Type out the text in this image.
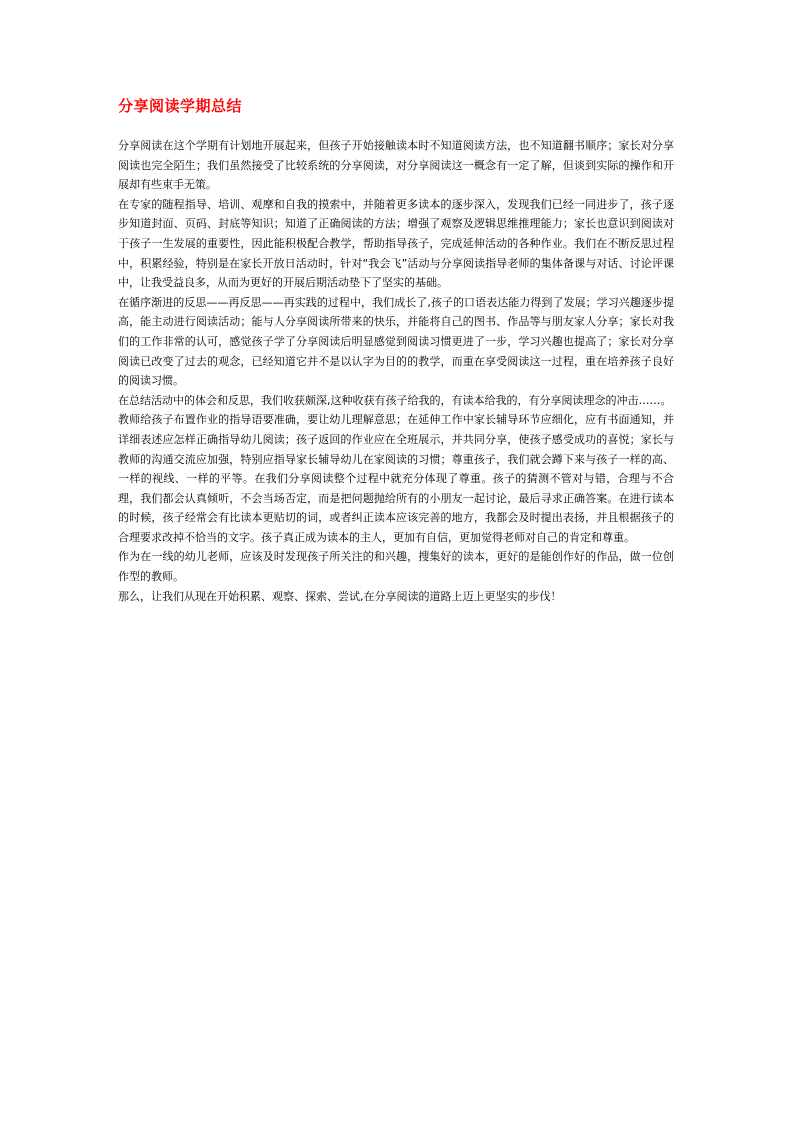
分享阅读学期总结

分享阅读在这个学期有计划地开展起来，但孩子开始接触读本时不知道阅读方法，也不知道翻书顺序；家长对分享阅读也完全陌生；我们虽然接受了比较系统的分享阅读，对分享阅读这一概念有一定了解，但谈到实际的操作和开展却有些束手无策。

在专家的随程指导、培训、观摩和自我的摸索中，并随着更多读本的逐步深入，发现我们已经一同进步了，孩子逐步知道封面、页码、封底等知识；知道了正确阅读的方法；增强了观察及逻辑思维推理能力；家长也意识到阅读对于孩子一生发展的重要性，因此能积极配合教学，帮助指导孩子，完成延伸活动的各种作业。我们在不断反思过程中，积累经验，特别是在家长开放日活动时，针对“我会飞”活动与分享阅读指导老师的集体备课与对话、讨论评课中，让我受益良多，从而为更好的开展后期活动垫下了坚实的基础。

在循序渐进的反思——再反思——再实践的过程中，我们成长了,孩子的口语表达能力得到了发展；学习兴趣逐步提高，能主动进行阅读活动；能与人分享阅读所带来的快乐，并能将自己的图书、作品等与朋友家人分享；家长对我们的工作非常的认可，感觉孩子学了分享阅读后明显感觉到阅读习惯更进了一步，学习兴趣也提高了；家长对分享阅读已改变了过去的观念，已经知道它并不是以认字为目的的教学，而重在享受阅读这一过程，重在培养孩子良好的阅读习惯。

在总结活动中的体会和反思，我们收获颇深,这种收获有孩子给我的，有读本给我的，有分享阅读理念的冲击……。

教师给孩子布置作业的指导语要准确，要让幼儿理解意思；在延伸工作中家长辅导环节应细化，应有书面通知，并详细表述应怎样正确指导幼儿阅读；孩子返回的作业应在全班展示，并共同分享，使孩子感受成功的喜悦；家长与教师的沟通交流应加强，特别应指导家长辅导幼儿在家阅读的习惯；尊重孩子，我们就会蹲下来与孩子一样的高、一样的视线、一样的平等。在我们分享阅读整个过程中就充分体现了尊重。孩子的猜测不管对与错，合理与不合理，我们都会认真倾听，不会当场否定，而是把问题抛给所有的小朋友一起讨论，最后寻求正确答案。在进行读本的时候，孩子经常会有比读本更贴切的词，或者纠正读本应该完善的地方，我都会及时提出表扬，并且根据孩子的合理要求改掉不恰当的文字。孩子真正成为读本的主人，更加有自信，更加觉得老师对自己的肯定和尊重。

作为在一线的幼儿老师，应该及时发现孩子所关注的和兴趣，搜集好的读本，更好的是能创作好的作品，做一位创作型的教师。

那么，让我们从现在开始积累、观察、探索、尝试,在分享阅读的道路上迈上更坚实的步伐！
